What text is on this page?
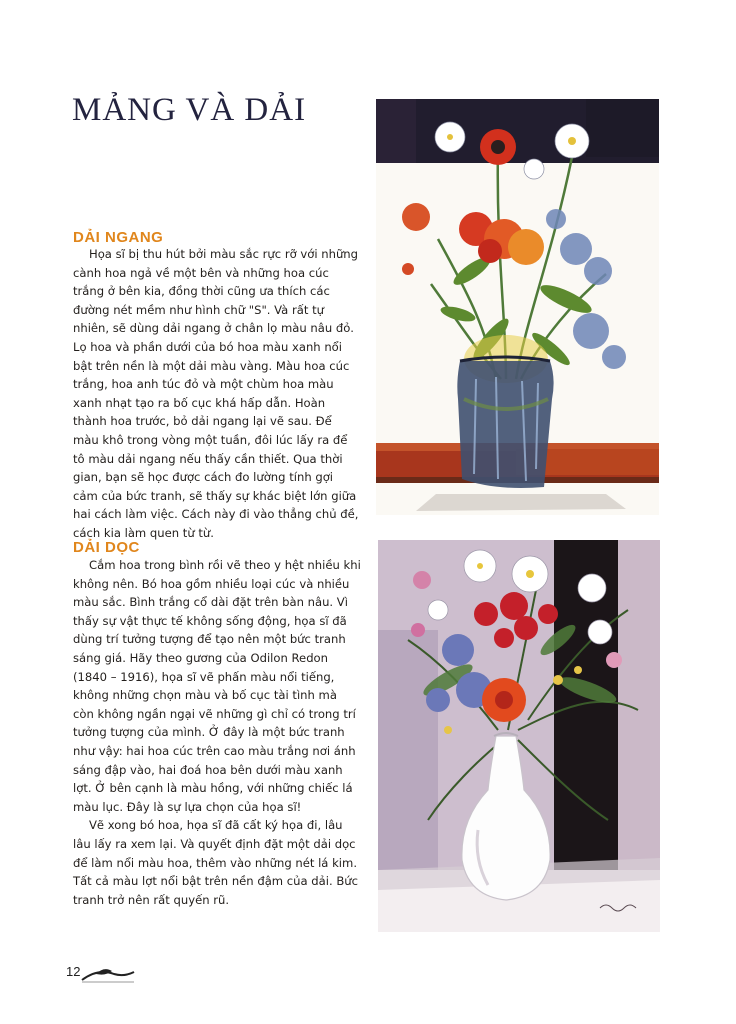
MẢNG VÀ DẢI
DẢI NGANG

Họa sĩ bị thu hút bởi màu sắc rực rỡ với những cành hoa ngả về một bên và những hoa cúc trắng ở bên kia, đồng thời cũng ưa thích các đường nét mềm như hình chữ "S". Và rất tự nhiên, sẽ dùng dải ngang ở chân lọ màu nâu đỏ. Lọ hoa và phần dưới của bó hoa màu xanh nổi bật trên nền là một dải màu vàng. Màu hoa cúc trắng, hoa anh túc đỏ và một chùm hoa màu xanh nhạt tạo ra bố cục khá hấp dẫn. Hoàn thành hoa trước, bỏ dải ngang lại vẽ sau. Để màu khô trong vòng một tuần, đôi lúc lấy ra để tô màu dải ngang nếu thấy cần thiết. Qua thời gian, bạn sẽ học được cách đo lường tính gợi cảm của bức tranh, sẽ thấy sự khác biệt lớn giữa hai cách làm việc. Cách này đi vào thẳng chủ đề, cách kia làm quen từ từ.

DẢI DỌC

Cắm hoa trong bình rồi vẽ theo y hệt nhiều khi không nên. Bó hoa gồm nhiều loại cúc và nhiều màu sắc. Bình trắng cổ dài đặt trên bàn nâu. Vì thấy sự vật thực tế không sống động, họa sĩ đã dùng trí tưởng tượng để tạo nên một bức tranh sáng giá. Hãy theo gương của Odilon Redon (1840 – 1916), họa sĩ vẽ phấn màu nổi tiếng, không những chọn màu và bố cục tài tình mà còn không ngần ngại vẽ những gì chỉ có trong trí tưởng tượng của mình. Ở đây là một bức tranh như vậy: hai hoa cúc trên cao màu trắng nơi ánh sáng đập vào, hai đoá hoa bên dưới màu xanh lợt. Ở bên cạnh là màu hồng, với những chiếc lá màu lục. Đây là sự lựa chọn của họa sĩ!

Vẽ xong bó hoa, họa sĩ đã cất ký họa đi, lâu lâu lấy ra xem lại. Và quyết định đặt một dải dọc để làm nổi màu hoa, thêm vào những nét lá kim. Tất cả màu lợt nổi bật trên nền đậm của dải. Bức tranh trở nên rất quyến rũ.

12
